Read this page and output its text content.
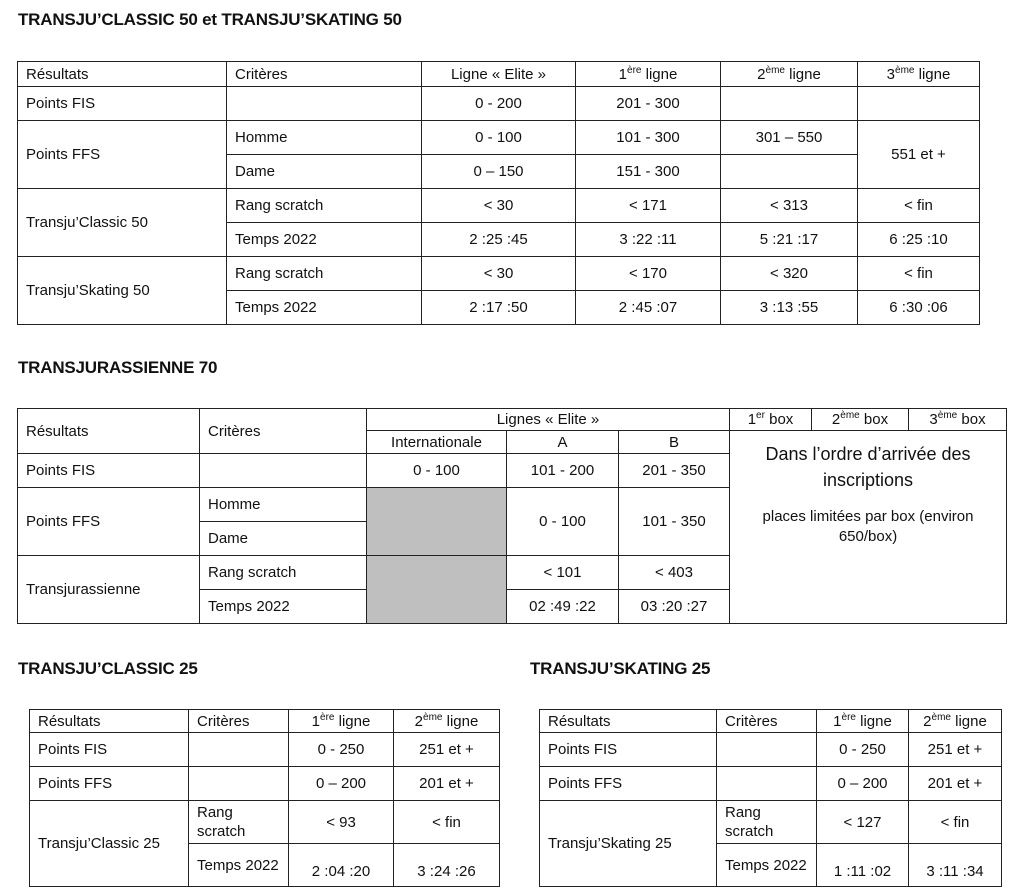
TRANSJU’CLASSIC 50 et TRANSJU’SKATING 50
Résultats	Critères	Ligne « Elite »	1ère ligne	2ème ligne	3ème ligne
Points FIS		0 - 200	201 - 300		
Points FFS	Homme	0 - 100	101 - 300	301 – 550	551 et +
	Dame	0 – 150	151 - 300		
Transju’Classic 50	Rang scratch	< 30	< 171	< 313	< fin
	Temps 2022	2 :25 :45	3 :22 :11	5 :21 :17	6 :25 :10
Transju’Skating 50	Rang scratch	< 30	< 170	< 320	< fin
	Temps 2022	2 :17 :50	2 :45 :07	3 :13 :55	6 :30 :06
TRANSJURASSIENNE 70
Résultats	Critères	Lignes « Elite »			1er box	2ème box	3ème box
		Internationale	A	B	Dans l’ordre d’arrivée des inscriptions
places limitées par box (environ 650/box)		

Points FIS		0 - 100	101 - 200	201 - 350			
Points FFS	Homme		0 - 100	101 - 350			
	Dame						
Transjurassienne	Rang scratch		< 101	< 403			
	Temps 2022		02 :49 :22	03 :20 :27			
TRANSJU’CLASSIC 25
Résultats	Critères	1ère ligne	2ème ligne
Points FIS		0 - 250	251 et +
Points FFS		0 – 200	201 et +
Transju’Classic 25	Rang scratch	< 93	< fin
	Temps 2022	2 :04 :20	3 :24 :26
TRANSJU’SKATING 25
Résultats	Critères	1ère ligne	2ème ligne
Points FIS		0 - 250	251 et +
Points FFS		0 – 200	201 et +
Transju’Skating 25	Rang scratch	< 127	< fin
	Temps 2022	1 :11 :02	3 :11 :34
